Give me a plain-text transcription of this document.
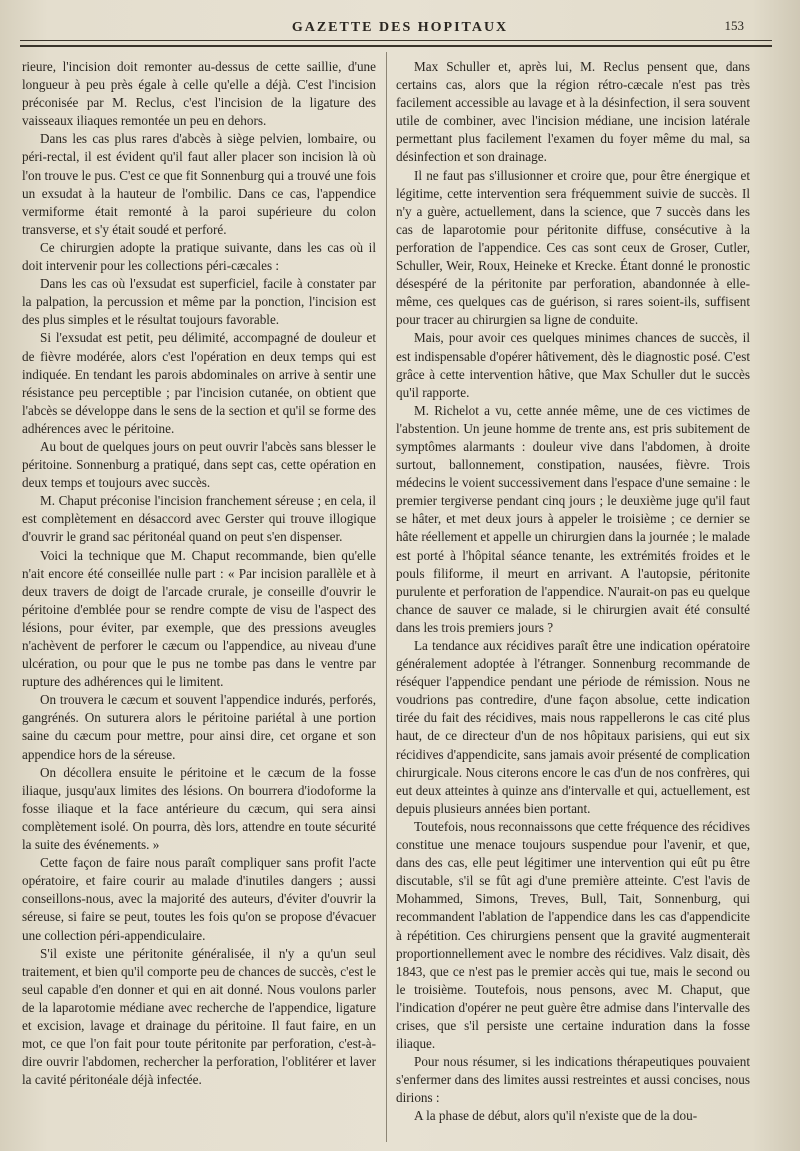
GAZETTE DES HOPITAUX	153

rieure, l'incision doit remonter au-dessus de cette saillie, d'une longueur à peu près égale à celle qu'elle a déjà. C'est l'incision préconisée par M. Reclus, c'est l'incision de la ligature des vaisseaux iliaques remontée un peu en dehors.

Dans les cas plus rares d'abcès à siège pelvien, lombaire, ou péri-rectal, il est évident qu'il faut aller placer son incision là où l'on trouve le pus. C'est ce que fit Sonnenburg qui a trouvé une fois un exsudat à la hauteur de l'ombilic. Dans ce cas, l'appendice vermiforme était remonté à la paroi supérieure du colon transverse, et s'y était soudé et perforé.

Ce chirurgien adopte la pratique suivante, dans les cas où il doit intervenir pour les collections péri-cæcales :

Dans les cas où l'exsudat est superficiel, facile à constater par la palpation, la percussion et même par la ponction, l'incision est des plus simples et le résultat toujours favorable.

Si l'exsudat est petit, peu délimité, accompagné de douleur et de fièvre modérée, alors c'est l'opération en deux temps qui est indiquée. En tendant les parois abdominales on arrive à sentir une résistance peu perceptible ; par l'incision cutanée, on obtient que l'abcès se développe dans le sens de la section et qu'il se forme des adhérences avec le péritoine.

Au bout de quelques jours on peut ouvrir l'abcès sans blesser le péritoine. Sonnenburg a pratiqué, dans sept cas, cette opération en deux temps et toujours avec succès.

M. Chaput préconise l'incision franchement séreuse ; en cela, il est complètement en désaccord avec Gerster qui trouve illogique d'ouvrir le grand sac péritonéal quand on peut s'en dispenser.

Voici la technique que M. Chaput recommande, bien qu'elle n'ait encore été conseillée nulle part : « Par incision parallèle et à deux travers de doigt de l'arcade crurale, je conseille d'ouvrir le péritoine d'emblée pour se rendre compte de visu de l'aspect des lésions, pour éviter, par exemple, que des pressions aveugles n'achèvent de perforer le cæcum ou l'appendice, au niveau d'une ulcération, ou pour que le pus ne tombe pas dans le ventre par rupture des adhérences qui le limitent.

On trouvera le cæcum et souvent l'appendice indurés, perforés, gangrénés. On suturera alors le péritoine pariétal à une portion saine du cæcum pour mettre, pour ainsi dire, cet organe et son appendice hors de la séreuse.

On décollera ensuite le péritoine et le cæcum de la fosse iliaque, jusqu'aux limites des lésions. On bourrera d'iodoforme la fosse iliaque et la face antérieure du cæcum, qui sera ainsi complètement isolé. On pourra, dès lors, attendre en toute sécurité la suite des événements. »

Cette façon de faire nous paraît compliquer sans profit l'acte opératoire, et faire courir au malade d'inutiles dangers ; aussi conseillons-nous, avec la majorité des auteurs, d'éviter d'ouvrir la séreuse, si faire se peut, toutes les fois qu'on se propose d'évacuer une collection péri-appendiculaire.

S'il existe une péritonite généralisée, il n'y a qu'un seul traitement, et bien qu'il comporte peu de chances de succès, c'est le seul capable d'en donner et qui en ait donné. Nous voulons parler de la laparotomie médiane avec recherche de l'appendice, ligature et excision, lavage et drainage du péritoine. Il faut faire, en un mot, ce que l'on fait pour toute péritonite par perforation, c'est-à-dire ouvrir l'abdomen, rechercher la perforation, l'oblitérer et laver la cavité péritonéale déjà infectée.

Max Schuller et, après lui, M. Reclus pensent que, dans certains cas, alors que la région rétro-cæcale n'est pas très facilement accessible au lavage et à la désinfection, il sera souvent utile de combiner, avec l'incision médiane, une incision latérale permettant plus facilement l'examen du foyer même du mal, sa désinfection et son drainage.

Il ne faut pas s'illusionner et croire que, pour être énergique et légitime, cette intervention sera fréquemment suivie de succès. Il n'y a guère, actuellement, dans la science, que 7 succès dans les cas de laparotomie pour péritonite diffuse, consécutive à la perforation de l'appendice. Ces cas sont ceux de Groser, Cutler, Schuller, Weir, Roux, Heineke et Krecke. Étant donné le pronostic désespéré de la péritonite par perforation, abandonnée à elle-même, ces quelques cas de guérison, si rares soient-ils, suffisent pour tracer au chirurgien sa ligne de conduite.

Mais, pour avoir ces quelques minimes chances de succès, il est indispensable d'opérer hâtivement, dès le diagnostic posé. C'est grâce à cette intervention hâtive, que Max Schuller dut le succès qu'il rapporte.

M. Richelot a vu, cette année même, une de ces victimes de l'abstention. Un jeune homme de trente ans, est pris subitement de symptômes alarmants : douleur vive dans l'abdomen, à droite surtout, ballonnement, constipation, nausées, fièvre. Trois médecins le voient successivement dans l'espace d'une semaine : le premier tergiverse pendant cinq jours ; le deuxième juge qu'il faut se hâter, et met deux jours à appeler le troisième ; ce dernier se hâte réellement et appelle un chirurgien dans la journée ; le malade est porté à l'hôpital séance tenante, les extrémités froides et le pouls filiforme, il meurt en arrivant. A l'autopsie, péritonite purulente et perforation de l'appendice. N'aurait-on pas eu quelque chance de sauver ce malade, si le chirurgien avait été consulté dans les trois premiers jours ?

La tendance aux récidives paraît être une indication opératoire généralement adoptée à l'étranger. Sonnenburg recommande de réséquer l'appendice pendant une période de rémission. Nous ne voudrions pas contredire, d'une façon absolue, cette indication tirée du fait des récidives, mais nous rappellerons le cas cité plus haut, de ce directeur d'un de nos hôpitaux parisiens, qui eut six récidives d'appendicite, sans jamais avoir présenté de complication chirurgicale. Nous citerons encore le cas d'un de nos confrères, qui eut deux atteintes à quinze ans d'intervalle et qui, actuellement, est depuis plusieurs années bien portant.

Toutefois, nous reconnaissons que cette fréquence des récidives constitue une menace toujours suspendue pour l'avenir, et que, dans des cas, elle peut légitimer une intervention qui eût pu être discutable, s'il se fût agi d'une première atteinte. C'est l'avis de Mohammed, Simons, Treves, Bull, Tait, Sonnenburg, qui recommandent l'ablation de l'appendice dans les cas d'appendicite à répétition. Ces chirurgiens pensent que la gravité augmenterait proportionnellement avec le nombre des récidives. Valz disait, dès 1843, que ce n'est pas le premier accès qui tue, mais le second ou le troisième. Toutefois, nous pensons, avec M. Chaput, que l'indication d'opérer ne peut guère être admise dans l'intervalle des crises, que s'il persiste une certaine induration dans la fosse iliaque.

Pour nous résumer, si les indications thérapeutiques pouvaient s'enfermer dans des limites aussi restreintes et aussi concises, nous dirions :

A la phase de début, alors qu'il n'existe que de la dou-
